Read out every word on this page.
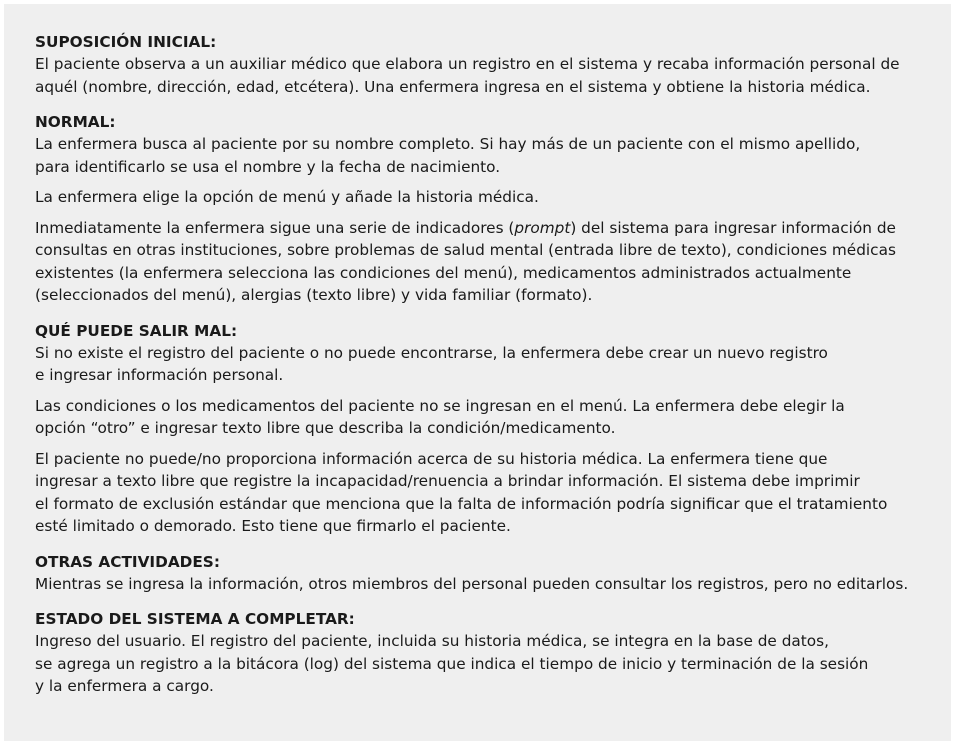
SUPOSICIÓN INICIAL:

El paciente observa a un auxiliar médico que elabora un registro en el sistema y recaba información personal de
aquél (nombre, dirección, edad, etcétera). Una enfermera ingresa en el sistema y obtiene la historia médica.

NORMAL:

La enfermera busca al paciente por su nombre completo. Si hay más de un paciente con el mismo apellido,
para identificarlo se usa el nombre y la fecha de nacimiento.

La enfermera elige la opción de menú y añade la historia médica.

Inmediatamente la enfermera sigue una serie de indicadores (prompt) del sistema para ingresar información de
consultas en otras instituciones, sobre problemas de salud mental (entrada libre de texto), condiciones médicas
existentes (la enfermera selecciona las condiciones del menú), medicamentos administrados actualmente
(seleccionados del menú), alergias (texto libre) y vida familiar (formato).

QUÉ PUEDE SALIR MAL:

Si no existe el registro del paciente o no puede encontrarse, la enfermera debe crear un nuevo registro
e ingresar información personal.

Las condiciones o los medicamentos del paciente no se ingresan en el menú. La enfermera debe elegir la
opción “otro” e ingresar texto libre que describa la condición/medicamento.

El paciente no puede/no proporciona información acerca de su historia médica. La enfermera tiene que
ingresar a texto libre que registre la incapacidad/renuencia a brindar información. El sistema debe imprimir
el formato de exclusión estándar que menciona que la falta de información podría significar que el tratamiento
esté limitado o demorado. Esto tiene que firmarlo el paciente.

OTRAS ACTIVIDADES:

Mientras se ingresa la información, otros miembros del personal pueden consultar los registros, pero no editarlos.

ESTADO DEL SISTEMA A COMPLETAR:

Ingreso del usuario. El registro del paciente, incluida su historia médica, se integra en la base de datos,
se agrega un registro a la bitácora (log) del sistema que indica el tiempo de inicio y terminación de la sesión
y la enfermera a cargo.
